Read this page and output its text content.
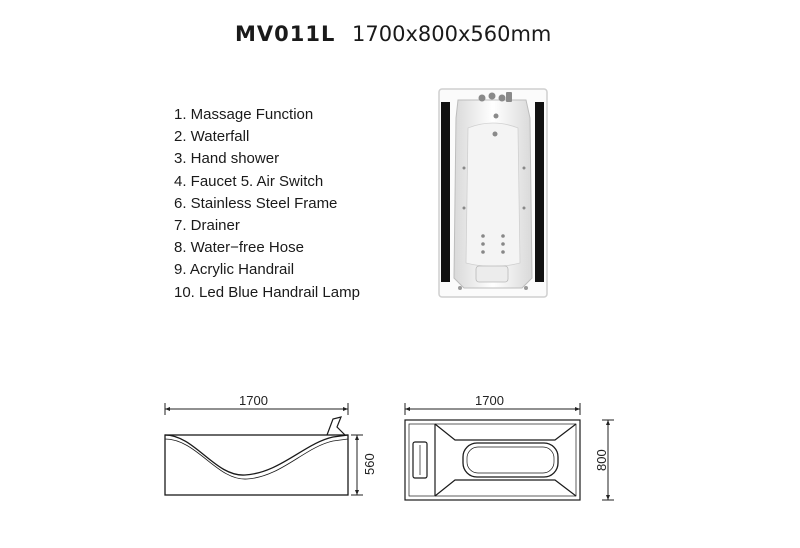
MV011L 1700x800x560mm
1. Massage Function
2. Waterfall
3. Hand shower
4. Faucet 5. Air Switch
6. Stainless Steel Frame
7. Drainer
8. Water−free Hose
9. Acrylic Handrail
10. Led Blue Handrail Lamp
1700
560
1700
800
